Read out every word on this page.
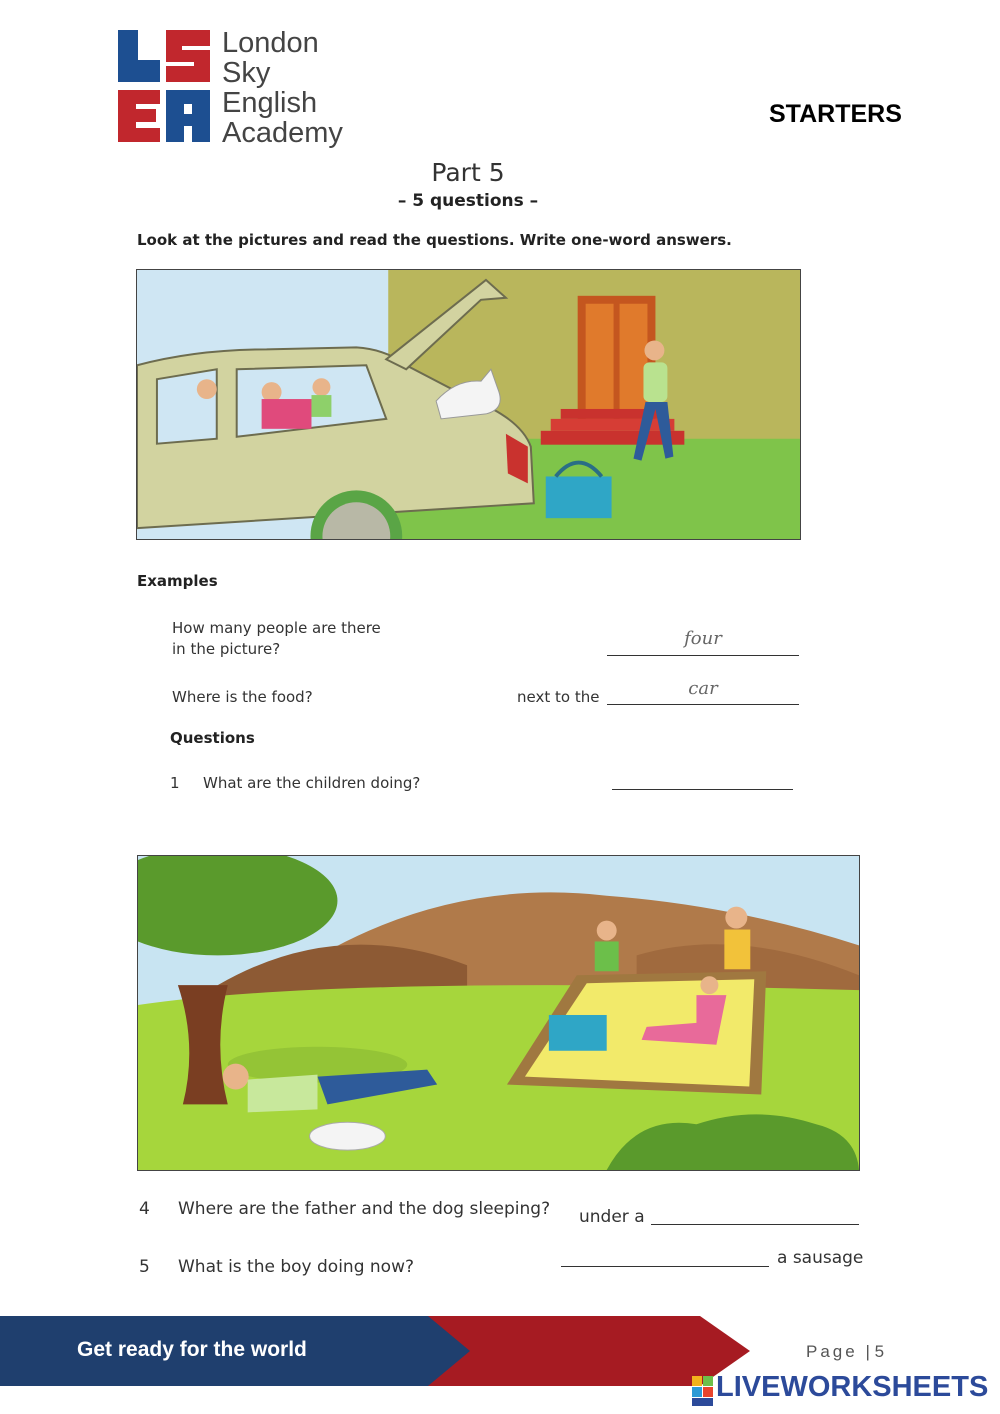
London
Sky
English
Academy
STARTERS
Part 5
– 5 questions –
Look at the pictures and read the questions. Write one-word answers.
Examples
How many people are there
in the picture?	four
Where is the food?	next to the	car
Questions
1 What are the children doing?
4 Where are the father and the dog sleeping? under a
5 What is the boy doing now?	a sausage
Get ready for the world	Page | 5
LIVEWORKSHEETS
